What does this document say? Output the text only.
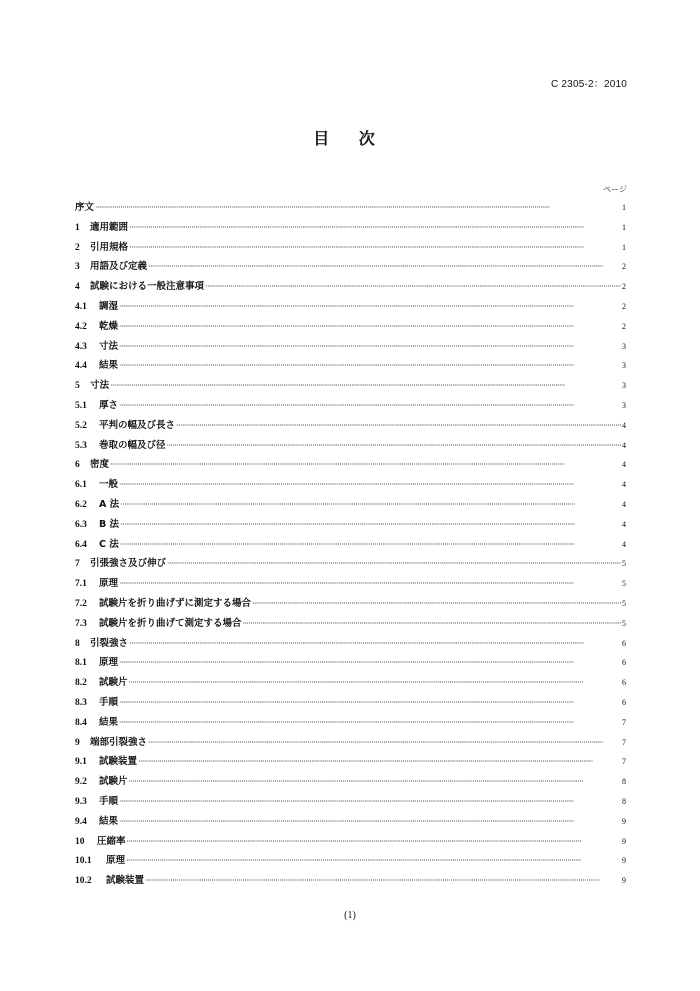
C 2305-2：2010
目 次
ページ
序文 ·····	1
1	適用範囲 ·····	1
2	引用規格 ·····	1
3	用語及び定義 ·····	2
4	試験における一般注意事項 ·····	2
4.1	調湿 ·····	2
4.2	乾燥 ·····	2
4.3	寸法 ·····	3
4.4	結果 ·····	3
5	寸法 ·····	3
5.1	厚さ ·····	3
5.2	平判の幅及び長さ ·····	4
5.3	巻取の幅及び径 ·····	4
6	密度 ·····	4
6.1	一般 ·····	4
6.2	A 法 ·····	4
6.3	B 法 ·····	4
6.4	C 法 ·····	4
7	引張強さ及び伸び ·····	5
7.1	原理 ·····	5
7.2	試験片を折り曲げずに測定する場合 ·····	5
7.3	試験片を折り曲げて測定する場合 ·····	5
8	引裂強さ ·····	6
8.1	原理 ·····	6
8.2	試験片 ·····	6
8.3	手順 ·····	6
8.4	結果 ·····	7
9	端部引裂強さ ·····	7
9.1	試験装置 ·····	7
9.2	試験片 ·····	8
9.3	手順 ·····	8
9.4	結果 ·····	9
10	圧縮率 ·····	9
10.1	原理 ·····	9
10.2	試験装置 ·····	9
(1)
